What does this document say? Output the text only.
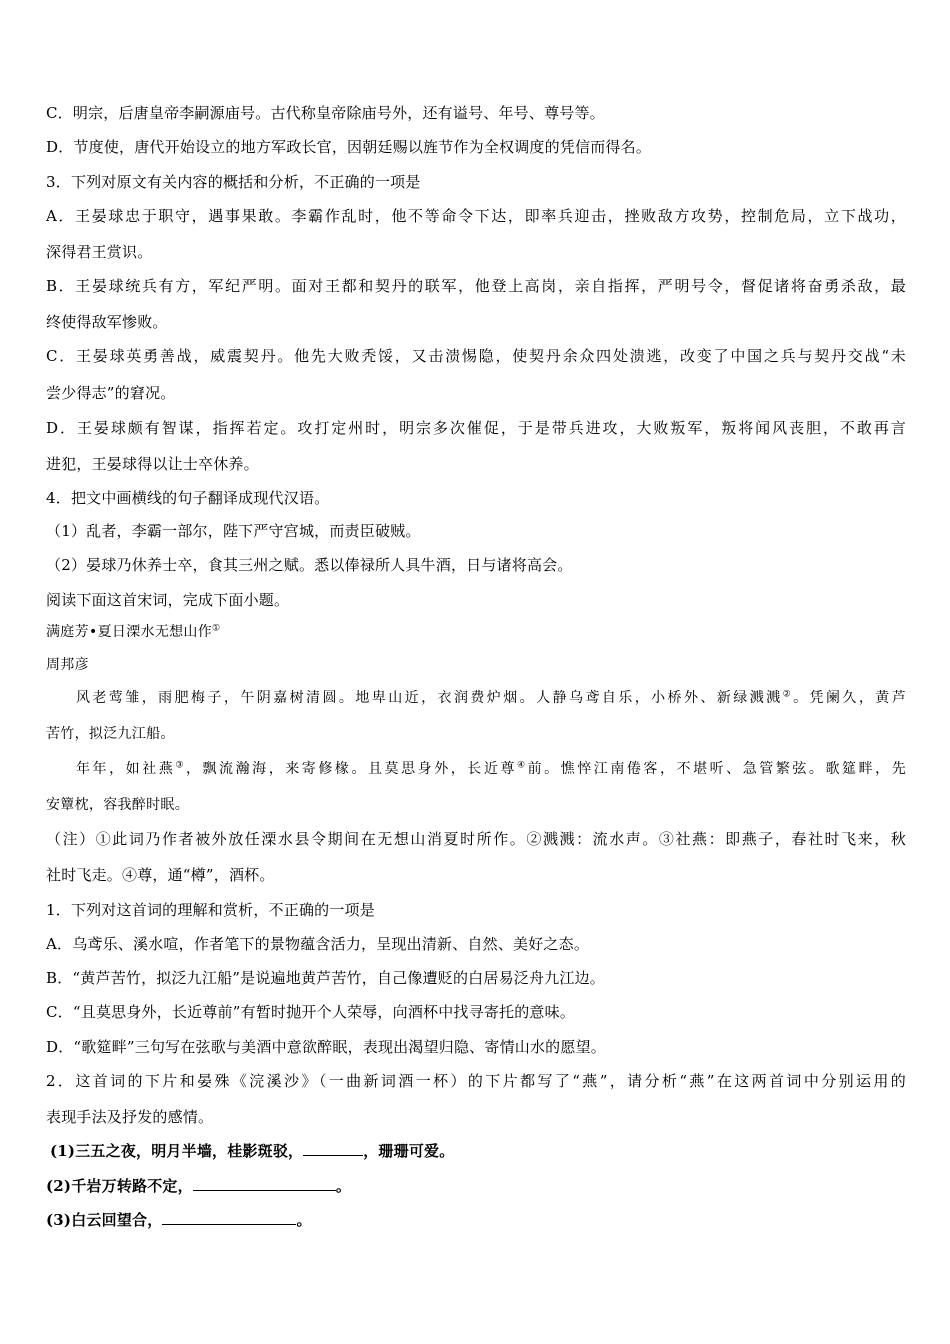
C．明宗，后唐皇帝李嗣源庙号。古代称皇帝除庙号外，还有谥号、年号、尊号等。
D．节度使，唐代开始设立的地方军政长官，因朝廷赐以旌节作为全权调度的凭信而得名。
3．下列对原文有关内容的概括和分析，不正确的一项是
A．王晏球忠于职守，遇事果敢。李霸作乱时，他不等命令下达，即率兵迎击，挫败敌方攻势，控制危局，立下战功，
深得君王赏识。
B．王晏球统兵有方，军纪严明。面对王都和契丹的联军，他登上高岗，亲自指挥，严明号令，督促诸将奋勇杀敌，最
终使得敌军惨败。
C．王晏球英勇善战，威震契丹。他先大败秃馁，又击溃惕隐，使契丹余众四处溃逃，改变了中国之兵与契丹交战“未
尝少得志”的窘况。
D．王晏球颇有智谋，指挥若定。攻打定州时，明宗多次催促，于是带兵进攻，大败叛军，叛将闻风丧胆，不敢再言
进犯，王晏球得以让士卒休养。
4．把文中画横线的句子翻译成现代汉语。
（1）乱者，李霸一部尔，陛下严守宫城，而责臣破贼。
（2）晏球乃休养士卒，食其三州之赋。悉以俸禄所人具牛酒，日与诸将高会。
阅读下面这首宋词，完成下面小题。
满庭芳•夏日溧水无想山作①
周邦彦
风老莺雏，雨肥梅子，午阴嘉树清圆。地卑山近，衣润费炉烟。人静乌鸢自乐，小桥外、新绿溅溅②。凭阑久，黄芦
苦竹，拟泛九江船。
年年，如社燕③，飘流瀚海，来寄修椽。且莫思身外，长近尊④前。憔悴江南倦客，不堪听、急管繁弦。歌筵畔，先
安簟枕，容我醉时眠。
（注）①此词乃作者被外放任溧水县令期间在无想山消夏时所作。②溅溅：流水声。③社燕：即燕子，春社时飞来，秋
社时飞走。④尊，通“樽”，酒杯。
1．下列对这首词的理解和赏析，不正确的一项是
A．乌鸢乐、溪水喧，作者笔下的景物蕴含活力，呈现出清新、自然、美好之态。
B．“黄芦苦竹，拟泛九江船”是说遍地黄芦苦竹，自己像遭贬的白居易泛舟九江边。
C．“且莫思身外，长近尊前”有暂时抛开个人荣辱，向酒杯中找寻寄托的意味。
D．“歌筵畔”三句写在弦歌与美酒中意欲醉眠，表现出渴望归隐、寄情山水的愿望。
2．这首词的下片和晏殊《浣溪沙》（一曲新词酒一杯）的下片都写了“燕”，请分析“燕”在这两首词中分别运用的
表现手法及抒发的感情。
(1)三五之夜，明月半墙，桂影斑驳，	，珊珊可爱。
(2)千岩万转路不定，	。
(3)白云回望合，	。
